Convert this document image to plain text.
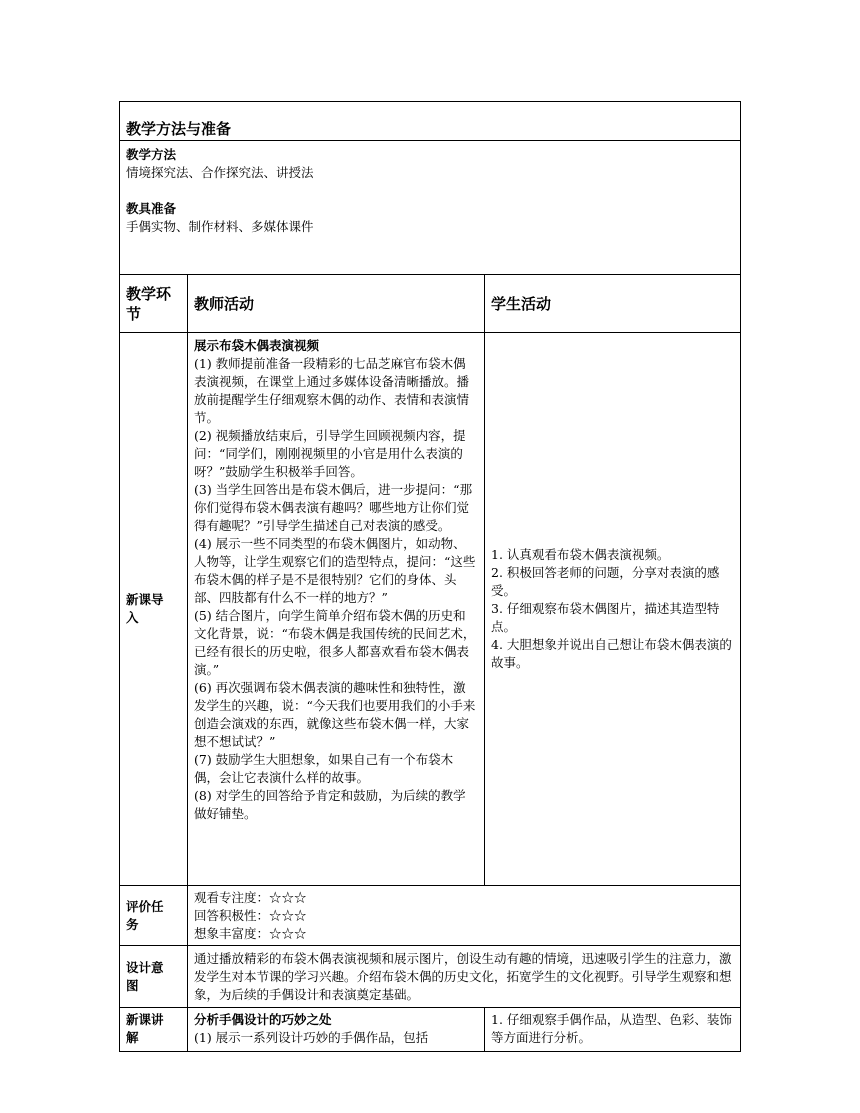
教学方法与准备
教学方法
情境探究法、合作探究法、讲授法
教具准备
手偶实物、制作材料、多媒体课件
教学环
节
教师活动	学生活动
新课导
入
展示布袋木偶表演视频

(1) 教师提前准备一段精彩的七品芝麻官布袋木偶表演视频，在课堂上通过多媒体设备清晰播放。播放前提醒学生仔细观察木偶的动作、表情和表演情节。

(2) 视频播放结束后，引导学生回顾视频内容，提问：“同学们，刚刚视频里的小官是用什么表演的呀？”鼓励学生积极举手回答。

(3) 当学生回答出是布袋木偶后，进一步提问：“那你们觉得布袋木偶表演有趣吗？哪些地方让你们觉得有趣呢？”引导学生描述自己对表演的感受。

(4) 展示一些不同类型的布袋木偶图片，如动物、人物等，让学生观察它们的造型特点，提问：“这些布袋木偶的样子是不是很特别？它们的身体、头部、四肢都有什么不一样的地方？”

(5) 结合图片，向学生简单介绍布袋木偶的历史和文化背景，说：“布袋木偶是我国传统的民间艺术，已经有很长的历史啦，很多人都喜欢看布袋木偶表演。”

(6) 再次强调布袋木偶表演的趣味性和独特性，激发学生的兴趣，说：“今天我们也要用我们的小手来创造会演戏的东西，就像这些布袋木偶一样，大家想不想试试？”

(7) 鼓励学生大胆想象，如果自己有一个布袋木偶，会让它表演什么样的故事。

(8) 对学生的回答给予肯定和鼓励，为后续的教学做好铺垫。

1. 认真观看布袋木偶表演视频。

2. 积极回答老师的问题，分享对表演的感受。

3. 仔细观察布袋木偶图片，描述其造型特点。

4. 大胆想象并说出自己想让布袋木偶表演的故事。

评价任
务
观看专注度：☆☆☆
回答积极性：☆☆☆
想象丰富度：☆☆☆
设计意
图
通过播放精彩的布袋木偶表演视频和展示图片，创设生动有趣的情境，迅速吸引学生的注意力，激发学生对本节课的学习兴趣。介绍布袋木偶的历史文化，拓宽学生的文化视野。引导学生观察和想象，为后续的手偶设计和表演奠定基础。
新课讲
解
分析手偶设计的巧妙之处
(1) 展示一系列设计巧妙的手偶作品，包括
1. 仔细观察手偶作品，从造型、色彩、装饰等方面进行分析。
